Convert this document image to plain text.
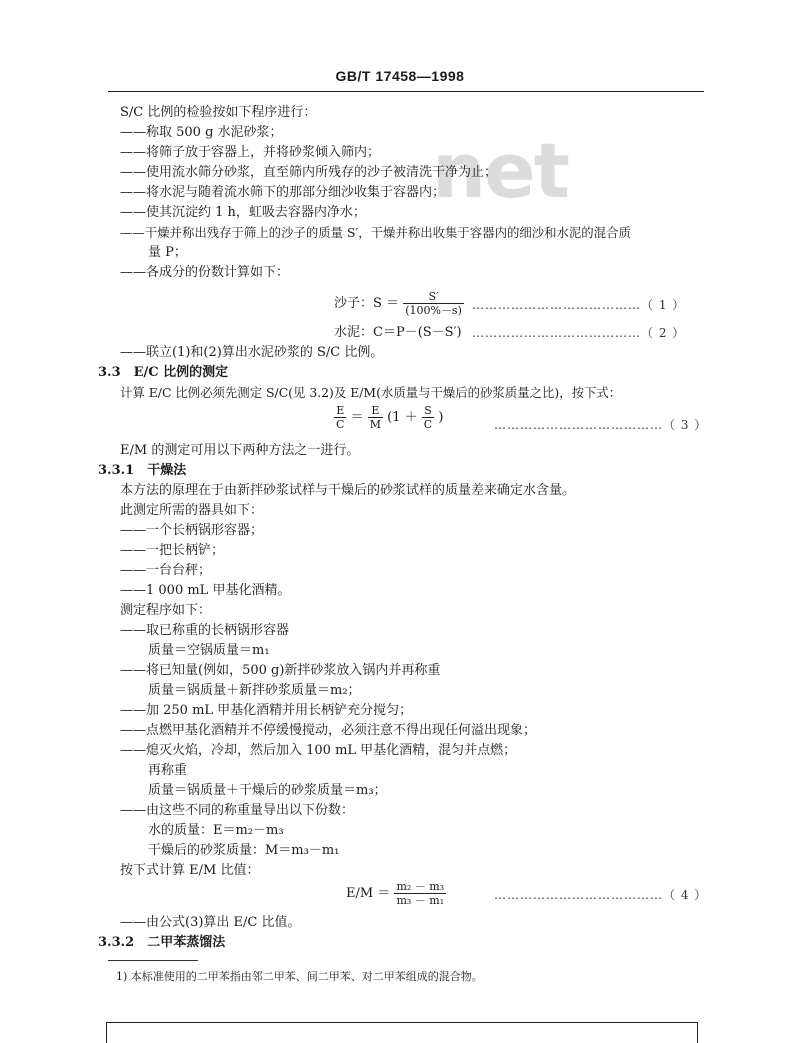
GB/T 17458—1998
net
S/C 比例的检验按如下程序进行：
——称取 500 g 水泥砂浆；
——将筛子放于容器上，并将砂浆倾入筛内；
——使用流水筛分砂浆，直至筛内所残存的沙子被清洗干净为止；
——将水泥与随着流水筛下的那部分细沙收集于容器内；
——使其沉淀约 1 h，虹吸去容器内净水；
——干燥并称出残存于筛上的沙子的质量 S′，干燥并称出收集于容器内的细沙和水泥的混合质
量 P；
——各成分的份数计算如下：
沙子：$S = \frac{S'}{(100\%-s)}$ …………………………………（ 1 ）
水泥：C＝P－(S－S′) …………………………………（ 2 ）
——联立(1)和(2)算出水泥砂浆的 S/C 比例。
3.3　E/C 比例的测定
计算 E/C 比例必须先测定 S/C(见 3.2)及 E/M(水质量与干燥后的砂浆质量之比)，按下式：
$\frac{E}{C} = \frac{E}{M} (1 + \frac{S}{C}$ )	…………………………………（ 3 ）
E/M 的测定可用以下两种方法之一进行。
3.3.1　干燥法
本方法的原理在于由新拌砂浆试样与干燥后的砂浆试样的质量差来确定水含量。
此测定所需的器具如下：
——一个长柄锅形容器；
——一把长柄铲；
——一台台秤；
——1 000 mL 甲基化酒精。
测定程序如下：
——取已称重的长柄锅形容器
质量＝空锅质量＝m₁
——将已知量(例如，500 g)新拌砂浆放入锅内并再称重
质量＝锅质量＋新拌砂浆质量＝m₂；
——加 250 mL 甲基化酒精并用长柄铲充分搅匀；
——点燃甲基化酒精并不停缓慢搅动，必须注意不得出现任何溢出现象；
——熄灭火焰，冷却，然后加入 100 mL 甲基化酒精，混匀并点燃；
再称重
质量＝锅质量＋干燥后的砂浆质量＝m₃；
——由这些不同的称重量导出以下份数：
水的质量：E＝m₂－m₃
干燥后的砂浆质量：M＝m₃－m₁
按下式计算 E/M 比值：
$E/M = \frac{\text{m₂ － m₃}}{\text{m₃ － m₁}}$	…………………………………（ 4 ）
——由公式(3)算出 E/C 比值。
3.3.2　二甲苯蒸馏法
1) 本标准使用的二甲苯指由邻二甲苯、间二甲苯、对二甲苯组成的混合物。
